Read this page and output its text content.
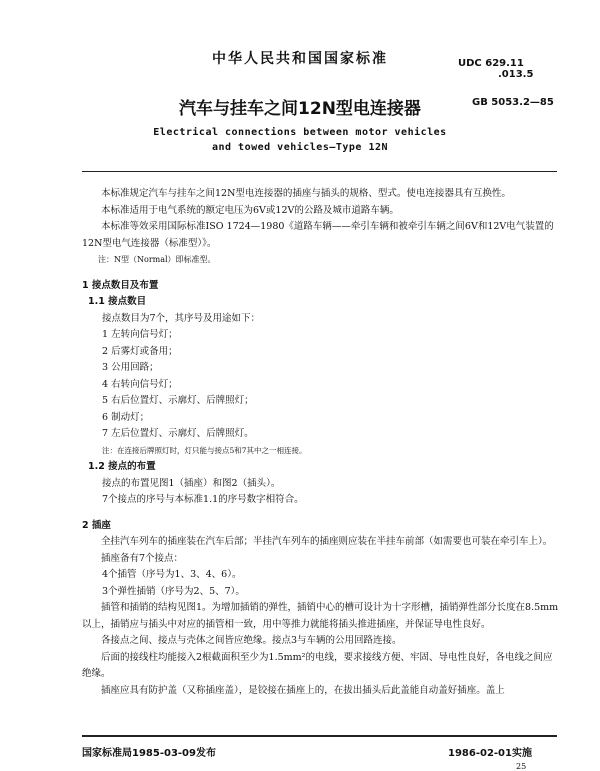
中华人民共和国国家标准	UDC 629.11
.013.5
汽车与挂车之间12N型电连接器	GB 5053.2—85
Electrical connections between motor vehicles
and towed vehicles—Type 12N

本标准规定汽车与挂车之间12N型电连接器的插座与插头的规格、型式。使电连接器具有互换性。

本标准适用于电气系统的额定电压为6V或12V的公路及城市道路车辆。

本标准等效采用国际标准ISO 1724—1980《道路车辆——牵引车辆和被牵引车辆之间6V和12V电气装置的12N型电气连接器（标准型）》。

注：N型（Normal）即标准型。

1 接点数目及布置

1.1 接点数目

接点数目为7个，其序号及用途如下：

1 左转向信号灯；

2 后雾灯或备用；

3 公用回路；

4 右转向信号灯；

5 右后位置灯、示廓灯、后牌照灯；

6 制动灯；

7 左后位置灯、示廓灯、后牌照灯。

注：在连接后牌照灯时，灯只能与接点5和7其中之一相连接。

1.2 接点的布置

接点的布置见图1（插座）和图2（插头）。

7个接点的序号与本标准1.1的序号数字相符合。

2 插座

全挂汽车列车的插座装在汽车后部；半挂汽车列车的插座则应装在半挂车前部（如需要也可装在牵引车上）。

插座备有7个接点：

4个插管（序号为1、3、4、6）。

3个弹性插销（序号为2、5、7）。

插管和插销的结构见图1。为增加插销的弹性，插销中心的槽可设计为十字形槽，插销弹性部分长度在8.5mm以上，插销应与插头中对应的插管相一致，用中等推力就能将插头推进插座，并保证导电性良好。

各接点之间、接点与壳体之间皆应绝缘。接点3与车辆的公用回路连接。

后面的接线柱均能接入2根截面积至少为1.5mm²的电线，要求接线方便、牢固、导电性良好，各电线之间应绝缘。

插座应具有防护盖（又称插座盖），是铰接在插座上的，在拔出插头后此盖能自动盖好插座。盖上

国家标准局1985-03-09发布	1986-02-01实施
25
